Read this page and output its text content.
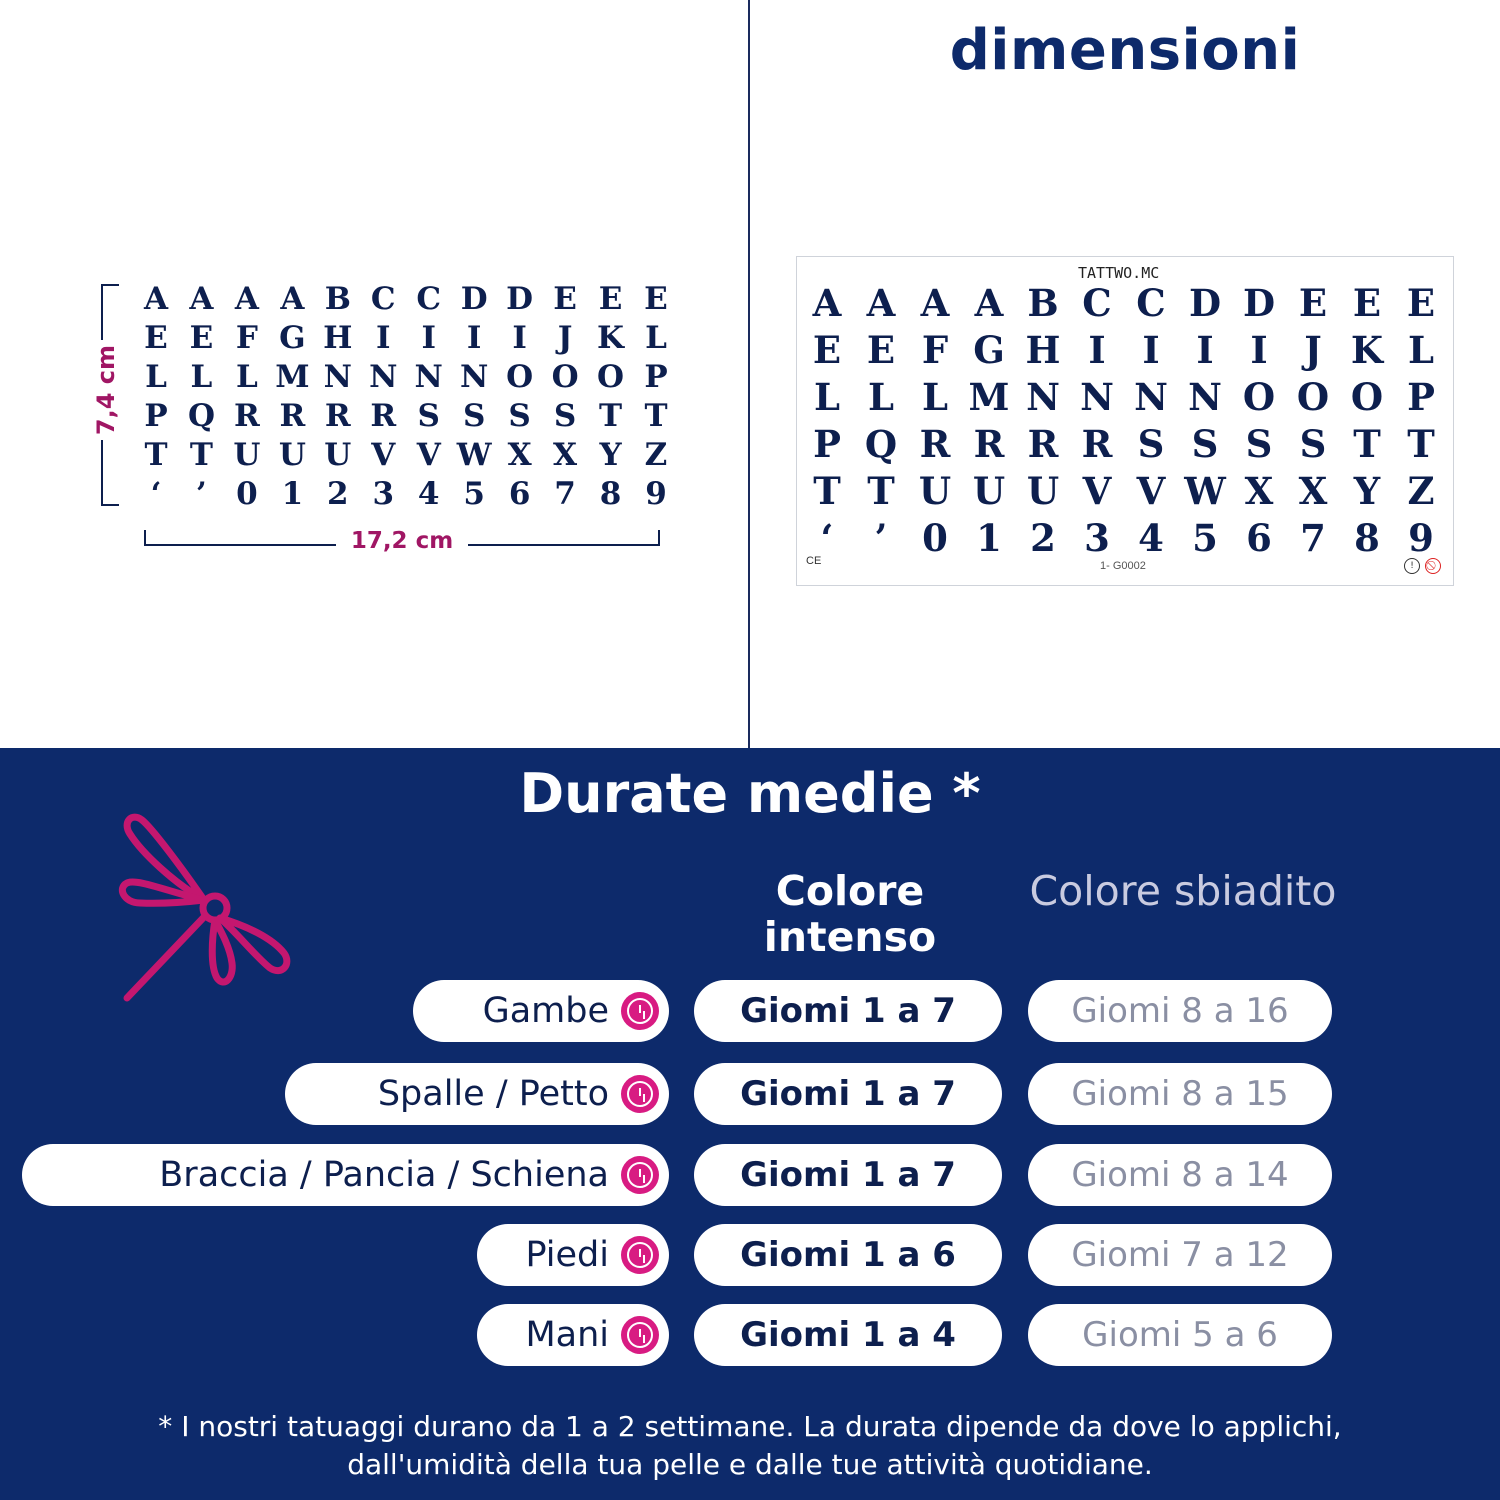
dimensioni
7,4 cm
A A A A B C C D D E E E
E E F G H I I I I J K L
L L L M N N N N O O O P
P Q R R R R S S S S T T
T T U U U V V W X X Y Z
‘	’ 0 1 2 3 4 5 6 7 8 9
17,2 cm
TATTWO.MC
A A A A B C C D D E E E
E E F G H I I I I J K L
L L L M N N N N O O O P
P Q R R R R S S S S T T
T T U U U V V W X X Y Z
‘	’ 0 1 2 3 4 5 6 7 8 9
CE	1- G0002	!
Durate medie *
Colore intenso
Colore sbiadito
Gambe	Giomi 1 a 7	Giomi 8 a 16
Spalle / Petto	Giomi 1 a 7	Giomi 8 a 15
Braccia / Pancia / Schiena	Giomi 1 a 7	Giomi 8 a 14
Piedi	Giomi 1 a 6	Giomi 7 a 12
Mani	Giomi 1 a 4	Giomi 5 a 6
* I nostri tatuaggi durano da 1 a 2 settimane. La durata dipende da dove lo applichi,
dall'umidità della tua pelle e dalle tue attività quotidiane.
